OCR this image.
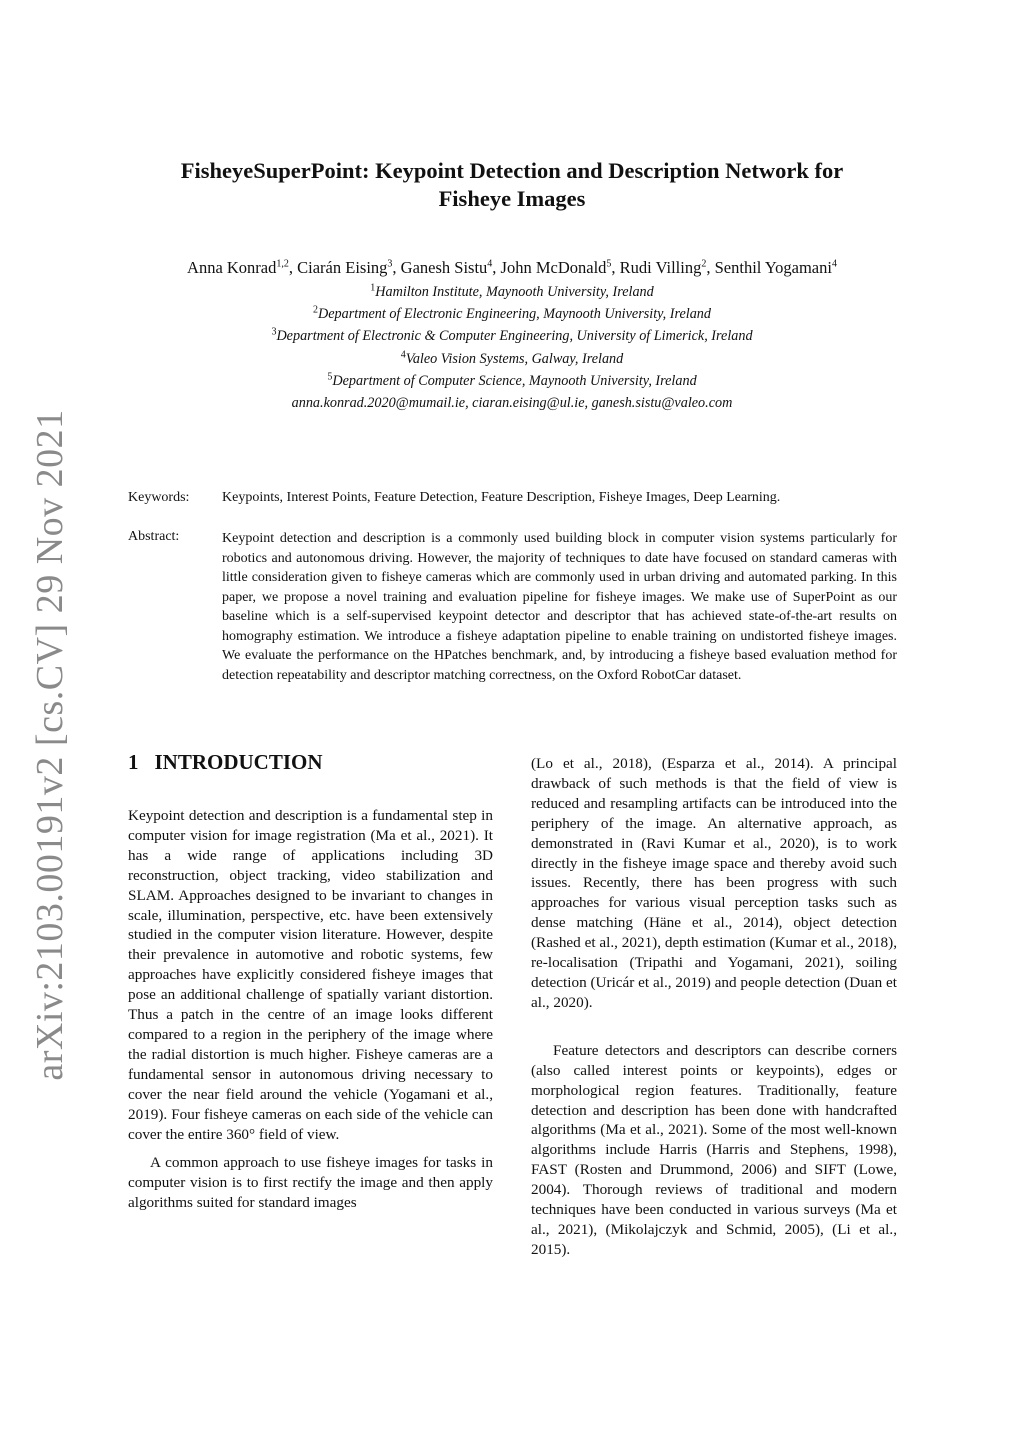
arXiv:2103.00191v2 [cs.CV] 29 Nov 2021
FisheyeSuperPoint: Keypoint Detection and Description Network for
Fisheye Images
Anna Konrad$^{1,2}$, Ciarán Eising$^3$, Ganesh Sistu$^4$, John McDonald$^5$, Rudi Villing$^2$, Senthil Yogamani$^4$
$^1$Hamilton Institute, Maynooth University, Ireland
$^2$Department of Electronic Engineering, Maynooth University, Ireland
$^3$Department of Electronic & Computer Engineering, University of Limerick, Ireland
$^4$Valeo Vision Systems, Galway, Ireland
$^5$Department of Computer Science, Maynooth University, Ireland
anna.konrad.2020@mumail.ie, ciaran.eising@ul.ie, ganesh.sistu@valeo.com
Keywords: Keypoints, Interest Points, Feature Detection, Feature Description, Fisheye Images, Deep Learning.
Abstract:	Keypoint detection and description is a commonly used building block in computer vision systems particularly for robotics and autonomous driving. However, the majority of techniques to date have focused on standard cameras with little consideration given to fisheye cameras which are commonly used in urban driving and automated parking. In this paper, we propose a novel training and evaluation pipeline for fisheye images. We make use of SuperPoint as our baseline which is a self-supervised keypoint detector and descriptor that has achieved state-of-the-art results on homography estimation. We introduce a fisheye adaptation pipeline to enable training on undistorted fisheye images. We evaluate the performance on the HPatches benchmark, and, by introducing a fisheye based evaluation method for detection repeatability and descriptor matching correctness, on the Oxford RobotCar dataset.
1 INTRODUCTION

Keypoint detection and description is a fundamental step in computer vision for image registration (Ma et al., 2021). It has a wide range of applications including 3D reconstruction, object tracking, video stabilization and SLAM. Approaches designed to be invariant to changes in scale, illumination, perspective, etc. have been extensively studied in the computer vision literature. However, despite their prevalence in automotive and robotic systems, few approaches have explicitly considered fisheye images that pose an additional challenge of spatially variant distortion. Thus a patch in the centre of an image looks different compared to a region in the periphery of the image where the radial distortion is much higher. Fisheye cameras are a fundamental sensor in autonomous driving necessary to cover the near field around the vehicle (Yogamani et al., 2019). Four fisheye cameras on each side of the vehicle can cover the entire 360° field of view.

A common approach to use fisheye images for tasks in computer vision is to first rectify the image and then apply algorithms suited for standard images

(Lo et al., 2018), (Esparza et al., 2014). A principal drawback of such methods is that the field of view is reduced and resampling artifacts can be introduced into the periphery of the image. An alternative approach, as demonstrated in (Ravi Kumar et al., 2020), is to work directly in the fisheye image space and thereby avoid such issues. Recently, there has been progress with such approaches for various visual perception tasks such as dense matching (Häne et al., 2014), object detection (Rashed et al., 2021), depth estimation (Kumar et al., 2018), re-localisation (Tripathi and Yogamani, 2021), soiling detection (Uricár et al., 2019) and people detection (Duan et al., 2020).

Feature detectors and descriptors can describe corners (also called interest points or keypoints), edges or morphological region features. Traditionally, feature detection and description has been done with handcrafted algorithms (Ma et al., 2021). Some of the most well-known algorithms include Harris (Harris and Stephens, 1998), FAST (Rosten and Drummond, 2006) and SIFT (Lowe, 2004). Thorough reviews of traditional and modern techniques have been conducted in various surveys (Ma et al., 2021), (Mikolajczyk and Schmid, 2005), (Li et al., 2015).
